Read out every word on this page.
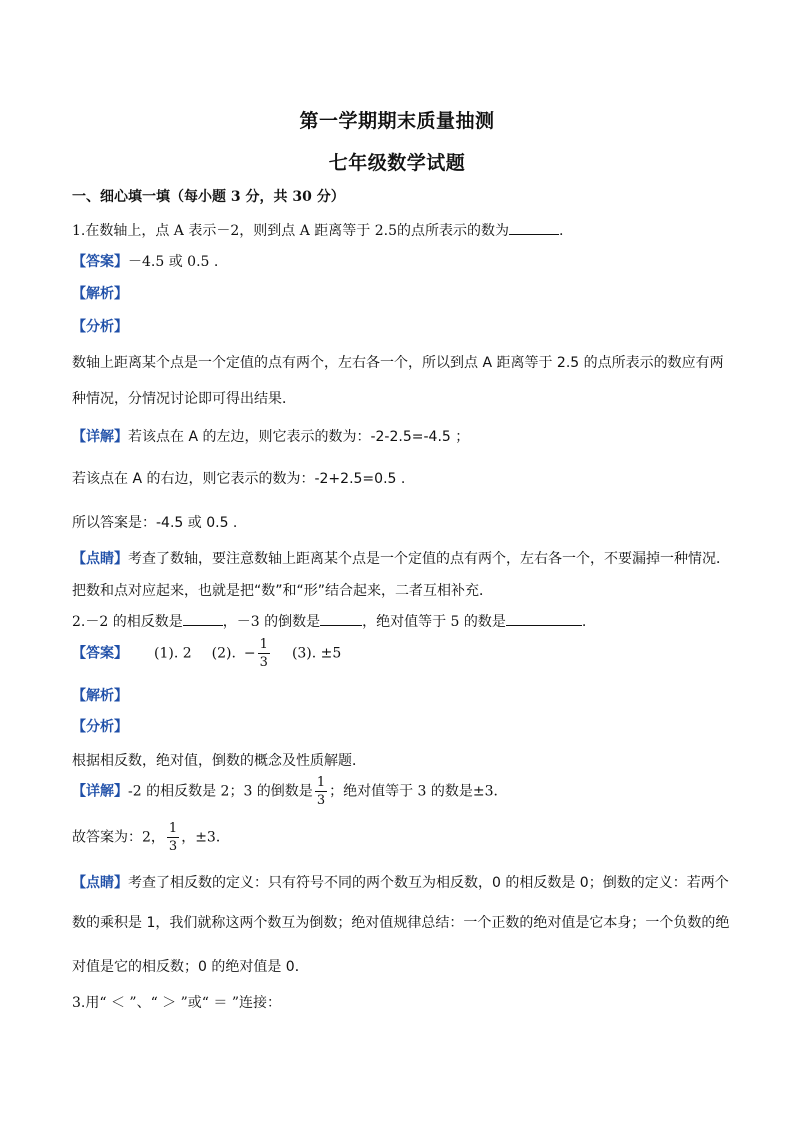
第一学期期末质量抽测
七年级数学试题
一、细心填一填（每小题 3 分，共 30 分）
1.在数轴上，点 A 表示－2，则到点 A 距离等于 2.5的点所表示的数为	.
【答案】－4.5 或 0.5 .
【解析】
【分析】
数轴上距离某个点是一个定值的点有两个，左右各一个，所以到点 A 距离等于 2.5 的点所表示的数应有两
种情况，分情况讨论即可得出结果．
【详解】若该点在 A 的左边，则它表示的数为：-2-2.5=-4.5 ；
若该点在 A 的右边，则它表示的数为：-2+2.5=0.5 .
所以答案是：-4.5 或 0.5 .
【点睛】考查了数轴，要注意数轴上距离某个点是一个定值的点有两个，左右各一个，不要漏掉一种情况．
把数和点对应起来，也就是把“数”和“形”结合起来，二者互相补充．
2.－2 的相反数是	，－3 的倒数是	，绝对值等于 5 的数是	.
【答案】 (1). 2 (2). − $\frac{1}{3} (3)$. ±5
【解析】
【分析】
根据相反数，绝对值，倒数的概念及性质解题．
【详解】-2 的相反数是 2；3 的倒数是 $\frac{1}{3}$ ；绝对值等于 3 的数是±3．
故答案为：2， $\frac{1}{3}$ ，±3．
【点睛】考查了相反数的定义：只有符号不同的两个数互为相反数，0 的相反数是 0；倒数的定义：若两个
数的乘积是 1，我们就称这两个数互为倒数；绝对值规律总结：一个正数的绝对值是它本身；一个负数的绝
对值是它的相反数；0 的绝对值是 0．
3.用“ ＜ ”、“ ＞ ”或“ ＝ ”连接：
